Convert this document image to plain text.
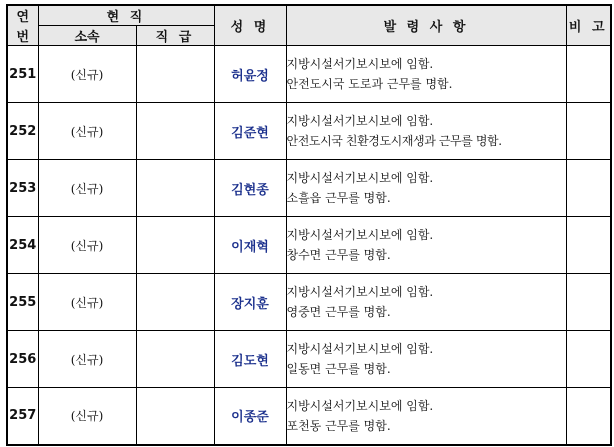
연	현 직		성 명	발 령 사 항	비 고
번	소속	직 급			
251	(신규)		허윤정	지방시설서기보시보에 임함.
안전도시국 도로과 근무를 명함.	

252	(신규)		김준현	지방시설서기보시보에 임함.
안전도시국 친환경도시재생과 근무를 명함.	

253	(신규)		김현종	지방시설서기보시보에 임함.
소흘읍 근무를 명함.	

254	(신규)		이재혁	지방시설서기보시보에 임함.
창수면 근무를 명함.	

255	(신규)		장지훈	지방시설서기보시보에 임함.
영중면 근무를 명함.	

256	(신규)		김도현	지방시설서기보시보에 임함.
일동면 근무를 명함.	

257	(신규)		이종준	지방시설서기보시보에 임함.
포천동 근무를 명함.	
